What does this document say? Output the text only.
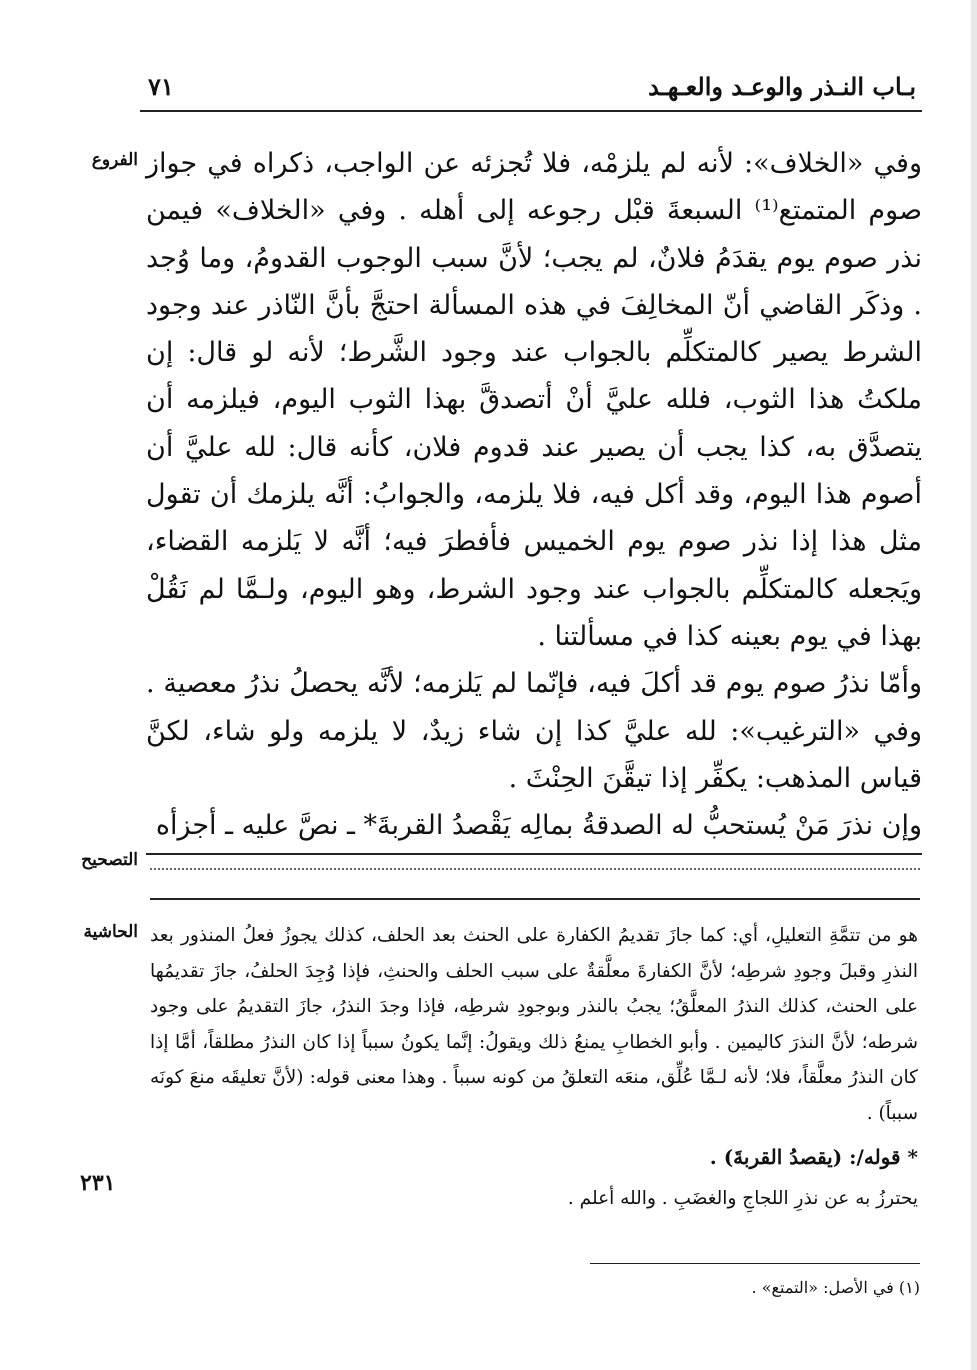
بـاب النـذر والوعـد والعـهـد
٧١
الفروع وفي «الخلاف»: لأنه لم يلزمْه، فلا تُجزئه عن الواجب، ذكراه في جواز صوم المتمتع⁽¹⁾ السبعةَ قبْل رجوعه إلى أهله . وفي «الخلاف» فيمن نذر صوم يوم يقدَمُ فلانٌ، لم يجب؛ لأنَّ سبب الوجوب القدومُ، وما وُجد . وذكَر القاضي أنّ المخالِفَ في هذه المسألة احتجَّ بأنَّ النّاذر عند وجود الشرط يصير كالمتكلِّم بالجواب عند وجود الشَّرط؛ لأنه لو قال: إن ملكتُ هذا الثوب، فلله عليَّ أنْ أتصدقَّ بهذا الثوب اليوم، فيلزمه أن يتصدَّق به، كذا يجب أن يصير عند قدوم فلان، كأنه قال: لله عليَّ أن أصوم هذا اليوم، وقد أكل فيه، فلا يلزمه، والجوابُ: أنَّه يلزمك أن تقول مثل هذا إذا نذر صوم يوم الخميس فأفطرَ فيه؛ أنَّه لا يَلزمه القضاء، ويَجعله كالمتكلِّم بالجواب عند وجود الشرط، وهو اليوم، ولـمَّا لم نَقُلْ بهذا في يوم بعينه كذا في مسألتنا .

وأمّا نذرُ صوم يوم قد أكلَ فيه، فإنّما لم يَلزمه؛ لأنَّه يحصلُ نذرُ معصية . وفي «الترغيب»: لله عليَّ كذا إن شاء زيدٌ، لا يلزمه ولو شاء، لكنَّ قياس المذهب: يكفِّر إذا تيقَّنَ الحِنْثَ .

وإن نذرَ مَنْ يُستحبُّ له الصدقةُ بمالِه يَقْصدُ القربةَ* ـ نصَّ عليه ـ أجزأه

التصحيح
الحاشية هو من تتمَّةِ التعليلِ، أي: كما جازَ تقديمُ الكفارة على الحنث بعد الحلف، كذلك يجوزُ فعلُ المنذور بعد النذرِ وقبلَ وجودِ شرطِه؛ لأنَّ الكفارةَ معلَّقةٌ على سبب الحلف والحنثِ، فإذا وُجِدَ الحلفُ، جازَ تقديمُها على الحنث، كذلك النذرُ المعلَّقُ؛ يجبُ بالنذر وبوجودِ شرطِه، فإذا وجدَ النذرُ، جازَ التقديمُ على وجود شرطه؛ لأنَّ النذرَ كاليمين . وأبو الخطابِ يمنعُ ذلك ويقولُ: إنَّما يكونُ سبباً إذا كان النذرُ مطلقاً، أمَّا إذا كان النذرُ معلَّقاً، فلا؛ لأنه لـمَّا عُلِّق، منعَه التعلقُ من كونه سبباً . وهذا معنى قوله: (لأنَّ تعليقَه منعَ كونَه سبباً) .

* قوله/: (يقصدُ القربةَ) .

يحترزُ به عن نذرِ اللجاجِ والغضَبِ . والله أعلم .

٢٣١
(١) في الأصل: «التمتع» .
